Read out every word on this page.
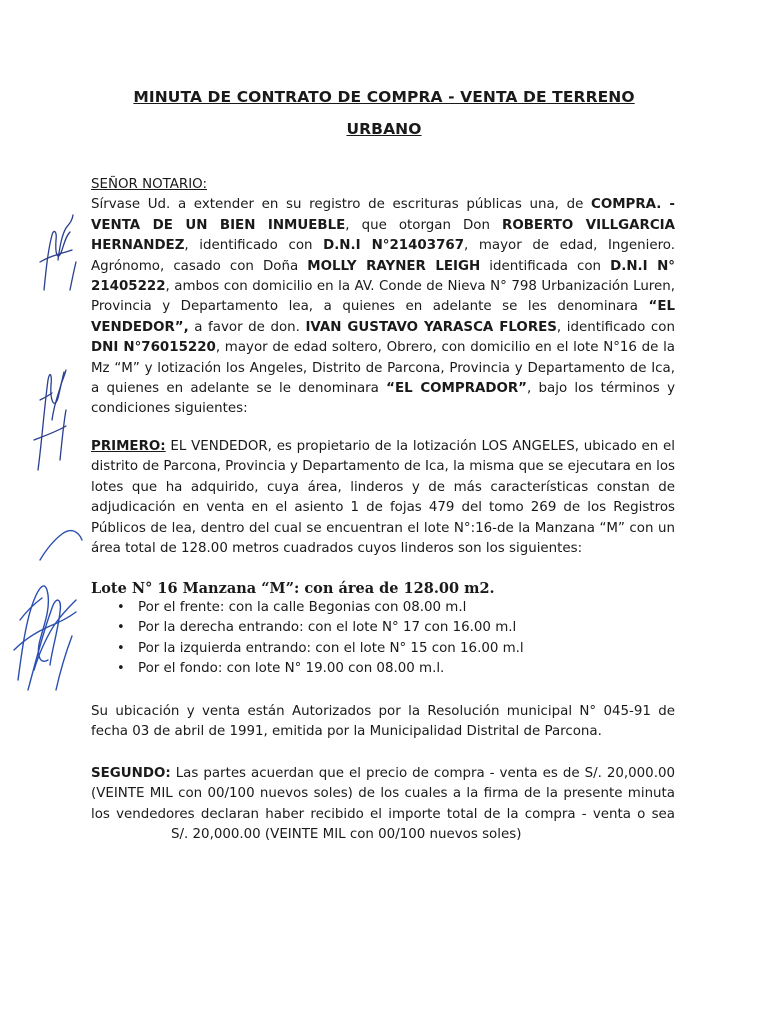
MINUTA DE CONTRATO DE COMPRA - VENTA DE TERRENO
URBANO

SEÑOR NOTARIO:

Sírvase Ud. a extender en su registro de escrituras públicas una, de COMPRA. - VENTA DE UN BIEN INMUEBLE, que otorgan Don ROBERTO VILLGARCIA HERNANDEZ, identificado con D.N.I N°21403767, mayor de edad, Ingeniero. Agrónomo, casado con Doña MOLLY RAYNER LEIGH identificada con D.N.I N° 21405222, ambos con domicilio en la AV. Conde de Nieva N° 798 Urbanización Luren, Provincia y Departamento lea, a quienes en adelante se les denominara “EL VENDEDOR”, a favor de don. IVAN GUSTAVO YARASCA FLORES, identificado con DNI N°76015220, mayor de edad soltero, Obrero, con domicilio en el lote N°16 de la Mz “M” y lotización los Angeles, Distrito de Parcona, Provincia y Departamento de Ica, a quienes en adelante se le denominara “EL COMPRADOR”, bajo los términos y condiciones siguientes:

PRIMERO: EL VENDEDOR, es propietario de la lotización LOS ANGELES, ubicado en el distrito de Parcona, Provincia y Departamento de Ica, la misma que se ejecutara en los lotes que ha adquirido, cuya área, linderos y de más características constan de adjudicación en venta en el asiento 1 de fojas 479 del tomo 269 de los Registros Públicos de lea, dentro del cual se encuentran el lote N°:16-de la Manzana “M” con un área total de 128.00 metros cuadrados cuyos linderos son los siguientes:

Lote N° 16 Manzana “M”: con área de 128.00 m2.
• Por el frente: con la calle Begonias con 08.00 m.l
• Por la derecha entrando: con el lote N° 17 con 16.00 m.l
• Por la izquierda entrando: con el lote N° 15 con 16.00 m.l
• Por el fondo: con lote N° 19.00 con 08.00 m.l.

Su ubicación y venta están Autorizados por la Resolución municipal N° 045-91 de fecha 03 de abril de 1991, emitida por la Municipalidad Distrital de Parcona.

SEGUNDO: Las partes acuerdan que el precio de compra - venta es de S/. 20,000.00 (VEINTE MIL con 00/100 nuevos soles) de los cuales a la firma de la presente minuta los vendedores declaran haber recibido el importe total de la compra - venta o seaS/. 20,000.00 (VEINTE MIL con 00/100 nuevos soles)
